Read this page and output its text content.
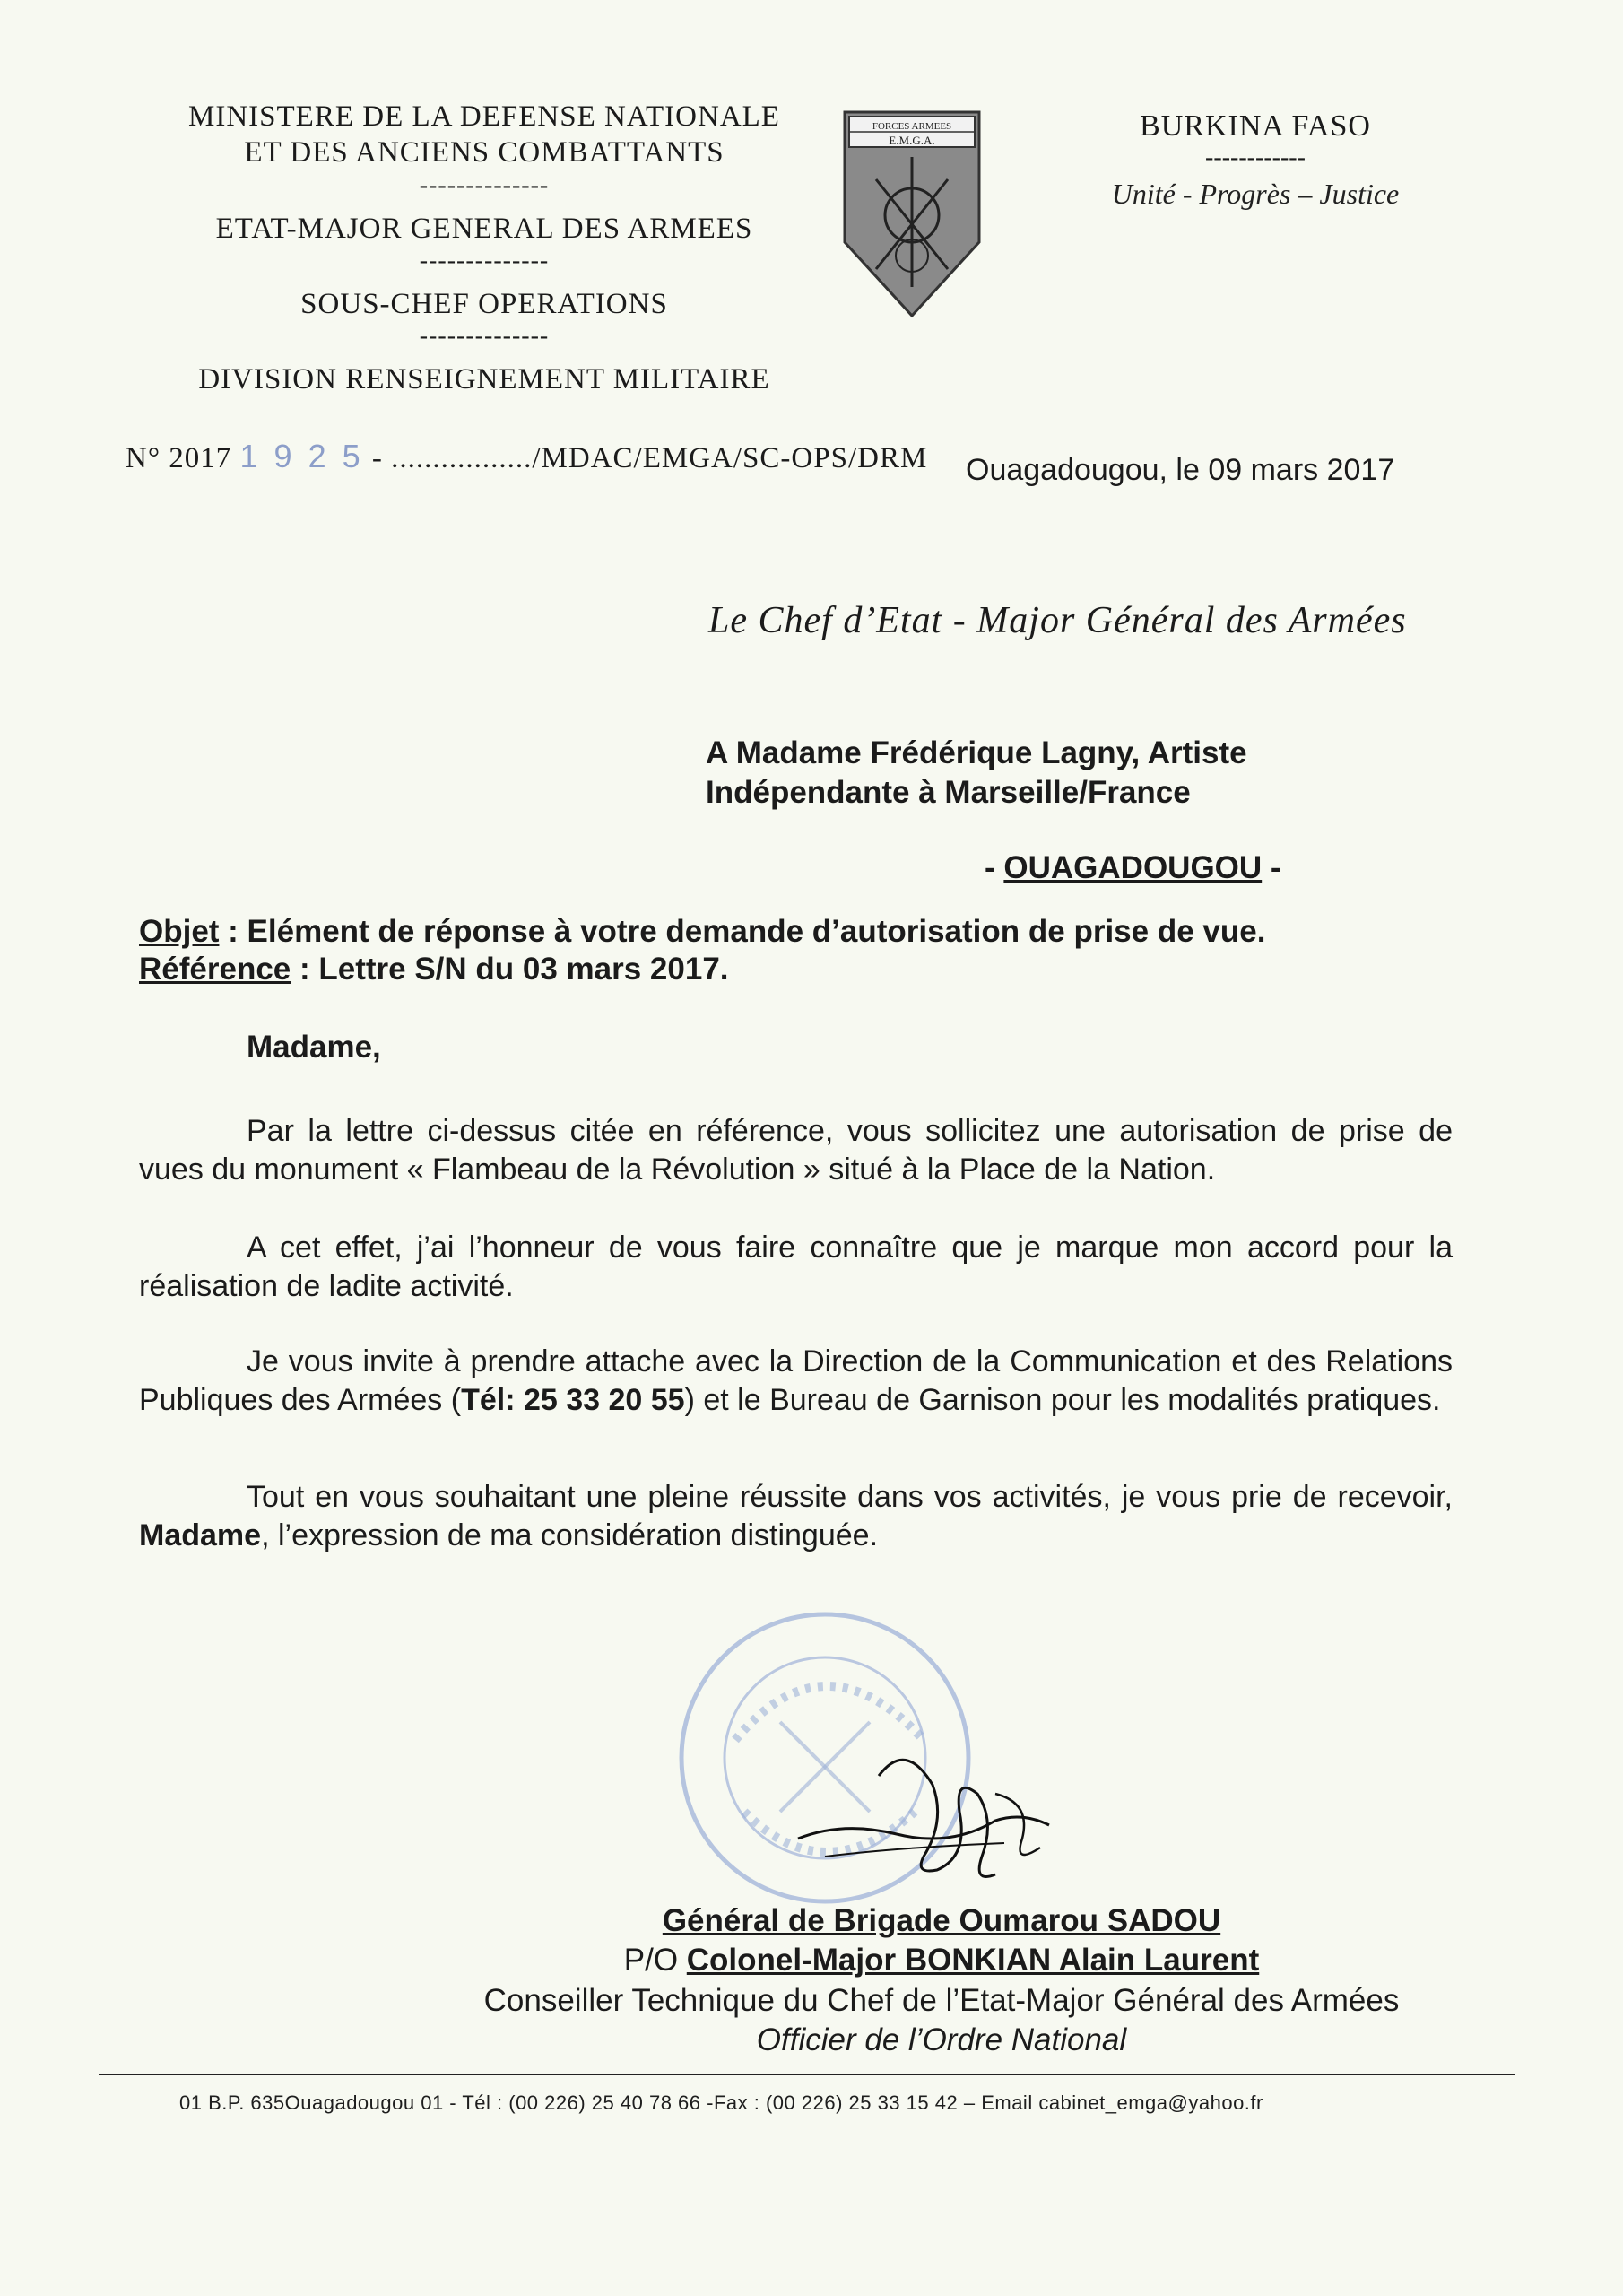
MINISTERE DE LA DEFENSE NATIONALE
ET DES ANCIENS COMBATTANTS
--------------
ETAT-MAJOR GENERAL DES ARMEES
--------------
SOUS-CHEF OPERATIONS
--------------
DIVISION RENSEIGNEMENT MILITAIRE
FORCES ARMEES
E.M.G.A.	BURKINA FASO
------------
Unité - Progrès – Justice
N° 2017 1 9 2 5 - ................./MDAC/EMGA/SC-OPS/DRM Ouagadougou, le 09 mars 2017
Le Chef d’Etat - Major Général des Armées
A Madame Frédérique Lagny, Artiste
Indépendante à Marseille/France
- OUAGADOUGOU -
Objet : Elément de réponse à votre demande d’autorisation de prise de vue.
Référence : Lettre S/N du 03 mars 2017.
Madame,
Par la lettre ci-dessus citée en référence, vous sollicitez une autorisation de prise de vues du monument « Flambeau de la Révolution » situé à la Place de la Nation.
A cet effet, j’ai l’honneur de vous faire connaître que je marque mon accord pour la réalisation de ladite activité.
Je vous invite à prendre attache avec la Direction de la Communication et des Relations Publiques des Armées (Tél: 25 33 20 55) et le Bureau de Garnison pour les modalités pratiques.
Tout en vous souhaitant une pleine réussite dans vos activités, je vous prie de recevoir, Madame, l’expression de ma considération distinguée.
Général de Brigade Oumarou SADOU
P/O Colonel-Major BONKIAN Alain Laurent
Conseiller Technique du Chef de l’Etat-Major Général des Armées
Officier de l’Ordre National
01 B.P. 635Ouagadougou 01 - Tél : (00 226) 25 40 78 66 -Fax : (00 226) 25 33 15 42 – Email cabinet_emga@yahoo.fr
